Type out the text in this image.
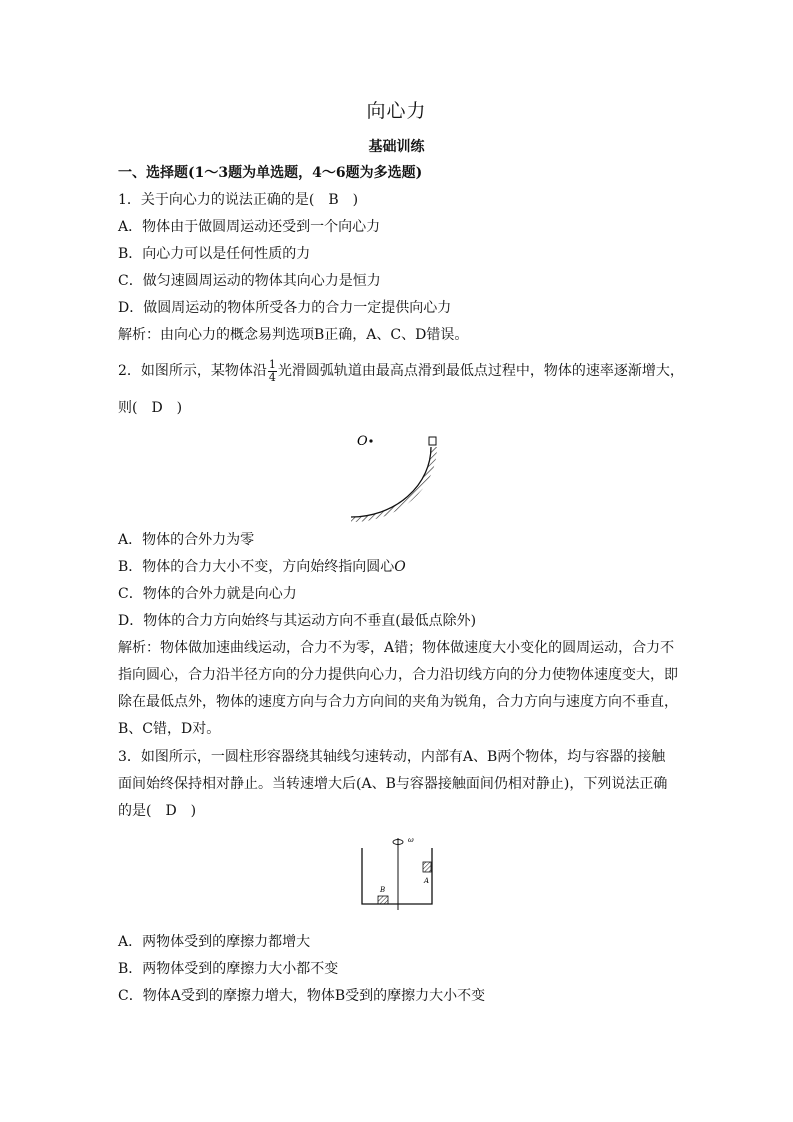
向心力
基础训练
一、选择题(1～3题为单选题，4～6题为多选题)
1．关于向心力的说法正确的是(　B　)
A．物体由于做圆周运动还受到一个向心力
B．向心力可以是任何性质的力
C．做匀速圆周运动的物体其向心力是恒力
D．做圆周运动的物体所受各力的合力一定提供向心力
解析：由向心力的概念易判选项B正确，A、C、D错误。
2．如图所示，某物体沿 $\frac{1}{4}$ 光滑圆弧轨道由最高点滑到最低点过程中，物体的速率逐渐增大，
则(　D　)
O
A．物体的合外力为零
B．物体的合力大小不变，方向始终指向圆心O
C．物体的合外力就是向心力
D．物体的合力方向始终与其运动方向不垂直(最低点除外)
解析：物体做加速曲线运动，合力不为零，A错；物体做速度大小变化的圆周运动，合力不
指向圆心，合力沿半径方向的分力提供向心力，合力沿切线方向的分力使物体速度变大，即
除在最低点外，物体的速度方向与合力方向间的夹角为锐角，合力方向与速度方向不垂直，
B、C错，D对。
3．如图所示，一圆柱形容器绕其轴线匀速转动，内部有A、B两个物体，均与容器的接触
面间始终保持相对静止。当转速增大后(A、B与容器接触面间仍相对静止)，下列说法正确
的是(　D　)
ω
A
B
A．两物体受到的摩擦力都增大
B．两物体受到的摩擦力大小都不变
C．物体A受到的摩擦力增大，物体B受到的摩擦力大小不变
